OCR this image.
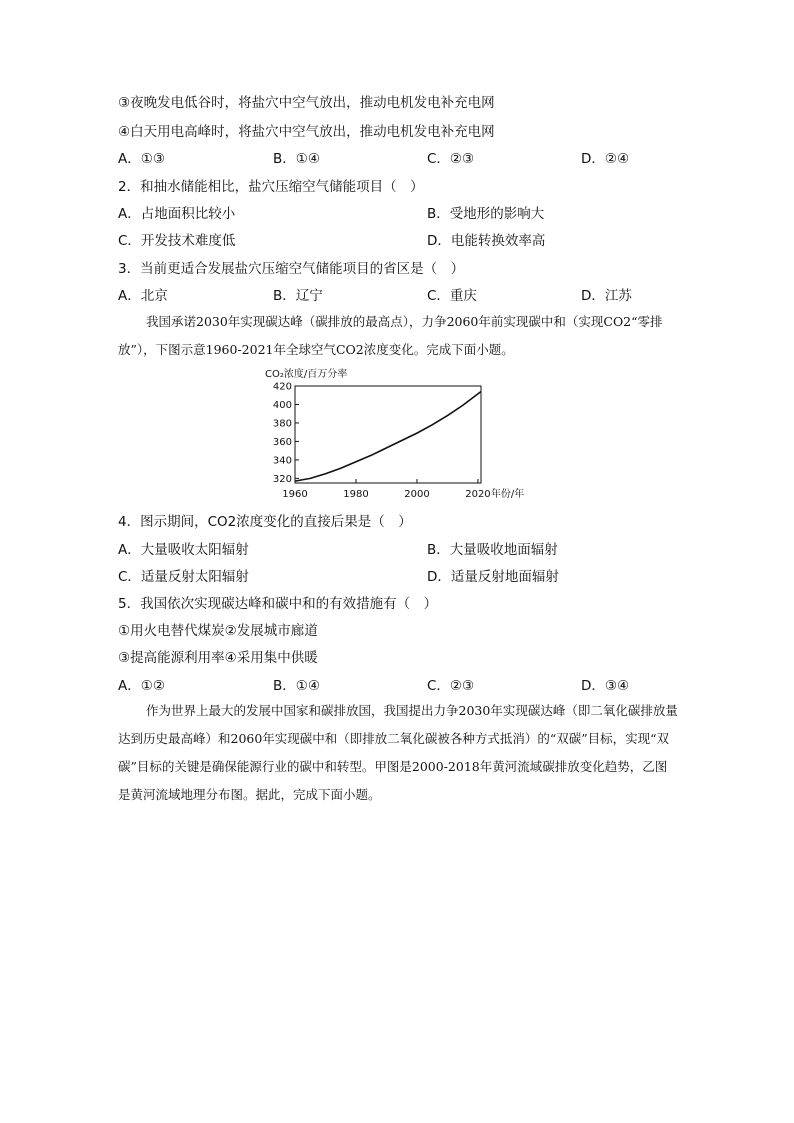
③夜晚发电低谷时，将盐穴中空气放出，推动电机发电补充电网
④白天用电高峰时，将盐穴中空气放出，推动电机发电补充电网
A．①③	B．①④	C．②③	D．②④
2．和抽水储能相比，盐穴压缩空气储能项目（　）
A．占地面积比较小	B．受地形的影响大
C．开发技术难度低	D．电能转换效率高
3．当前更适合发展盐穴压缩空气储能项目的省区是（　）
A．北京	B．辽宁	C．重庆	D．江苏
我国承诺2030年实现碳达峰（碳排放的最高点），力争2060年前实现碳中和（实现CO2“零排放”），下图示意1960-2021年全球空气CO2浓度变化。完成下面小题。
CO₂浓度/百万分率
320
340
360
380
400
420
1960	1980	2000	2020 年份/年
4．图示期间，CO2浓度变化的直接后果是（　）
A．大量吸收太阳辐射	B．大量吸收地面辐射
C．适量反射太阳辐射	D．适量反射地面辐射
5．我国依次实现碳达峰和碳中和的有效措施有（　）
①用火电替代煤炭②发展城市廊道
③提高能源利用率④采用集中供暖
A．①②	B．①④	C．②③	D．③④
作为世界上最大的发展中国家和碳排放国，我国提出力争2030年实现碳达峰（即二氧化碳排放量达到历史最高峰）和2060年实现碳中和（即排放二氧化碳被各种方式抵消）的“双碳”目标，实现“双碳”目标的关键是确保能源行业的碳中和转型。甲图是2000-2018年黄河流域碳排放变化趋势，乙图是黄河流域地理分布图。据此，完成下面小题。
